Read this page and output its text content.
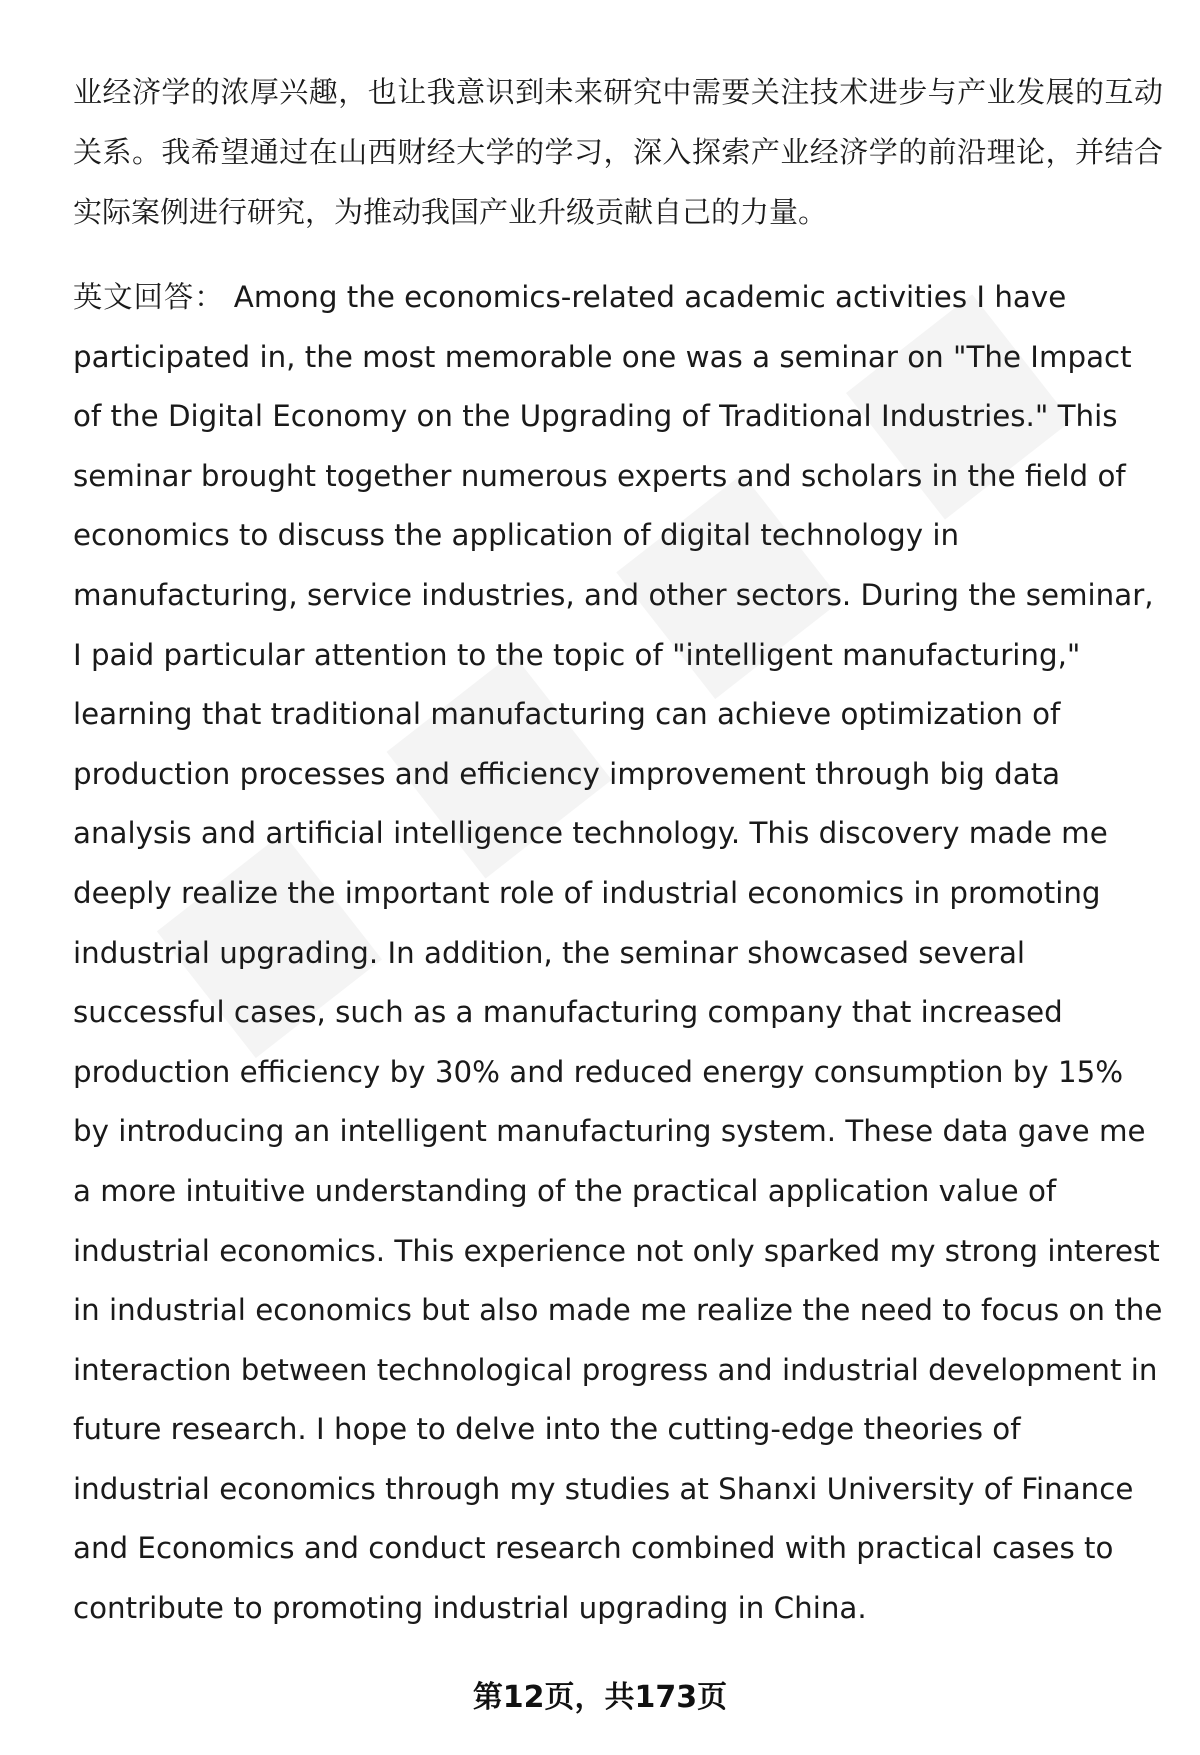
业经济学的浓厚兴趣，也让我意识到未来研究中需要关注技术进步与产业发展的互动关系。我希望通过在山西财经大学的学习，深入探索产业经济学的前沿理论，并结合实际案例进行研究，为推动我国产业升级贡献自己的力量。

英文回答： Among the economics-related academic activities I have participated in, the most memorable one was a seminar on "The Impact of the Digital Economy on the Upgrading of Traditional Industries." This seminar brought together numerous experts and scholars in the field of economics to discuss the application of digital technology in manufacturing, service industries, and other sectors. During the seminar, I paid particular attention to the topic of "intelligent manufacturing," learning that traditional manufacturing can achieve optimization of production processes and efficiency improvement through big data analysis and artificial intelligence technology. This discovery made me deeply realize the important role of industrial economics in promoting industrial upgrading. In addition, the seminar showcased several successful cases, such as a manufacturing company that increased production efficiency by 30% and reduced energy consumption by 15% by introducing an intelligent manufacturing system. These data gave me a more intuitive understanding of the practical application value of industrial economics. This experience not only sparked my strong interest in industrial economics but also made me realize the need to focus on the interaction between technological progress and industrial development in future research. I hope to delve into the cutting-edge theories of industrial economics through my studies at Shanxi University of Finance and Economics and conduct research combined with practical cases to contribute to promoting industrial upgrading in China.

第12页，共173页
